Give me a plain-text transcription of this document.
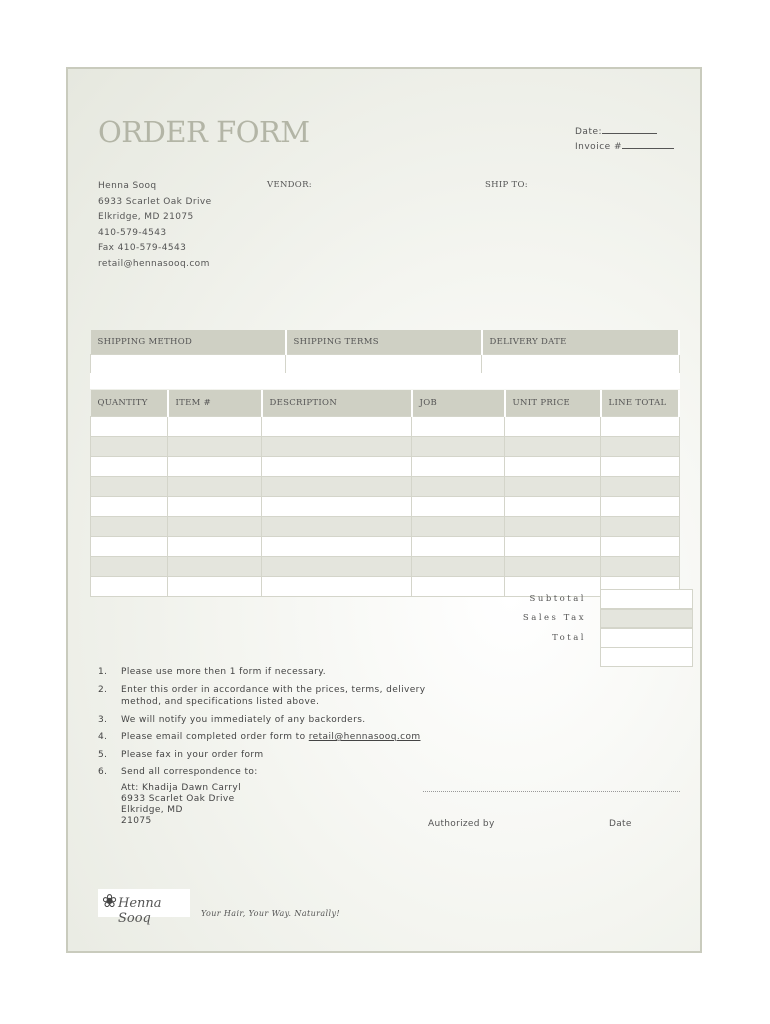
ORDER FORM	Date:
Invoice #
Henna Sooq
6933 Scarlet Oak Drive
Elkridge, MD 21075
410-579-4543
Fax 410-579-4543
retail@hennasooq.com
VENDOR:	SHIP TO:
SHIPPING METHOD	SHIPPING TERMS	DELIVERY DATE

QUANTITY	ITEM #	DESCRIPTION	JOB	UNIT PRICE	LINE TOTAL

Subtotal
Sales Tax
Total
1.	Please use more then 1 form if necessary.
2.	Enter this order in accordance with the prices, terms, delivery method, and specifications listed above.
3.	We will notify you immediately of any backorders.
4.	Please email completed order form to retail@hennasooq.com
5.	Please fax in your order form
6.	Send all correspondence to:
Att: Khadija Dawn Carryl
6933 Scarlet Oak Drive
Elkridge, MD
21075	Authorized by	Date
❀ Henna Sooq	Your Hair, Your Way. Naturally!
